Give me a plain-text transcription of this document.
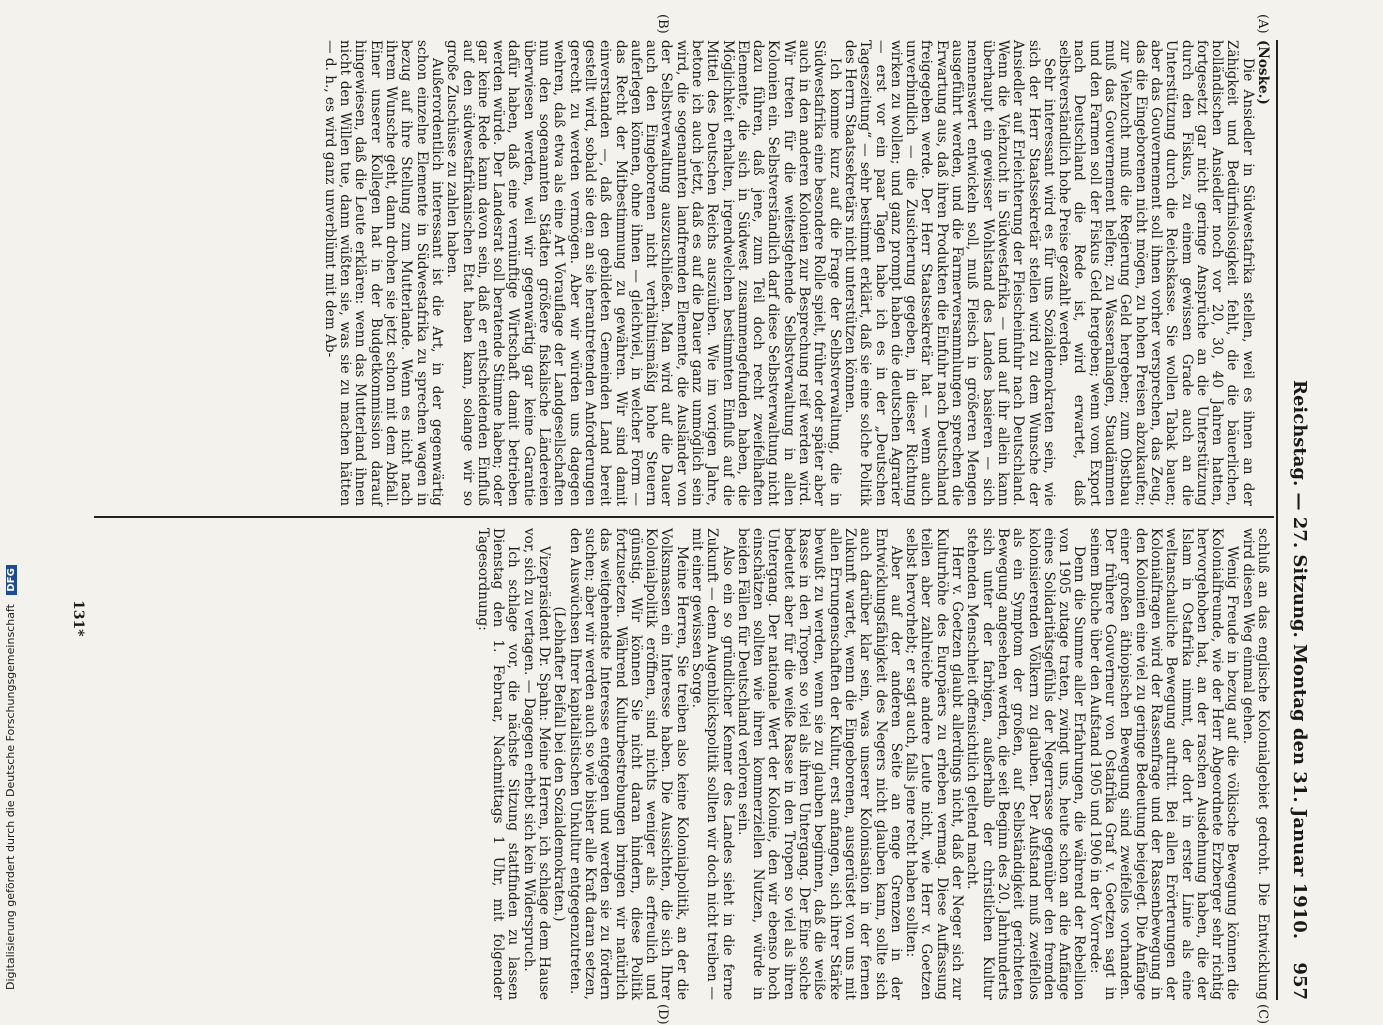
Reichstag. — 27. Sitzung. Montag den 31. Januar 1910.
957

(Noske.)

Die Ansiedler in Südwestafrika stellen, weil es ihnen an der Zähigkeit und Bedürfnislosigkeit fehlt, die die bäuerlichen, holländischen Ansiedler noch vor 20, 30, 40 Jahren hatten, fortgesetzt gar nicht geringe Ansprüche an die Unterstützung durch den Fiskus, zu einem gewissen Grade auch an die Unterstützung durch die Reichskasse. Sie wollen Tabak bauen; aber das Gouvernement soll ihnen vorher versprechen, das Zeug, das die Eingeborenen nicht mögen, zu hohen Preisen abzukaufen; zur Viehzucht muß die Regierung Geld hergeben; zum Obstbau muß das Gouvernement helfen; zu Wasseranlagen, Staudämmen und den Farmen soll der Fiskus Geld hergeben; wenn vom Export nach Deutschland die Rede ist, wird erwartet, daß selbstverständlich hohe Preise gezahlt werden.

Sehr interessant wird es für uns Sozialdemokraten sein, wie sich der Herr Staatssekretär stellen wird zu dem Wunsche der Ansiedler auf Erleichterung der Fleischeinfuhr nach Deutschland. Wenn die Viehzucht in Südwestafrika — und auf ihr allein kann überhaupt ein gewisser Wohlstand des Landes basieren — sich nennenswert entwickeln soll, muß Fleisch in größeren Mengen ausgeführt werden, und die Farmerversammlungen sprechen die Erwartung aus, daß ihren Produkten die Einfuhr nach Deutschland freigegeben werde. Der Herr Staatssekretär hat — wenn auch unverbindlich — die Zusicherung gegeben, in dieser Richtung wirken zu wollen; und ganz prompt haben die deutschen Agrarier — erst vor ein paar Tagen habe ich es in der „Deutschen Tageszeitung“ — sehr bestimmt erklärt, daß sie eine solche Politik des Herrn Staatssekretärs nicht unterstützen können.

Ich komme kurz auf die Frage der Selbstverwaltung, die in Südwestafrika eine besondere Rolle spielt, früher oder später aber auch in den anderen Kolonien zur Besprechung reif werden wird. Wir treten für die weitestgehende Selbstverwaltung in allen Kolonien ein. Selbstverständlich darf diese Selbstverwaltung nicht dazu führen, daß jene, zum Teil doch recht zweifelhaften Elemente, die sich in Südwest zusammengefunden haben, die Möglichkeit erhalten, irgendwelchen bestimmten Einfluß auf die Mittel des Deutschen Reichs auszuüben. Wie im vorigen Jahre, betone ich auch jetzt, daß es auf die Dauer ganz unmöglich sein wird, die sogenannten landfremden Elemente, die Ausländer von der Selbstverwaltung auszuschließen. Man wird auf die Dauer auch den Eingeborenen nicht verhältnismäßig hohe Steuern auferlegen können, ohne ihnen — gleichviel, in welcher Form — das Recht der Mitbestimmung zu gewähren. Wir sind damit einverstanden —, daß den gebildeten Gemeinden Land bereit gestellt wird, sobald sie den an sie herantretenden Anforderungen gerecht zu werden vermögen. Aber wir würden uns dagegen wehren, daß etwa als eine Art Vorauflage der Landgesellschaften nun den sogenannten Städten größere fiskalische Ländereien überwiesen werden, weil wir gegenwärtig gar keine Garantie dafür haben, daß eine vernünftige Wirtschaft damit betrieben werden würde. Der Landesrat soll beratende Stimme haben; oder gar keine Rede kann davon sein, daß er entscheidenden Einfluß auf den südwestafrikanischen Etat haben kann, solange wir so große Zuschüsse zu zahlen haben.

Außerordentlich interessant ist die Art, in der gegenwärtig schon einzelne Elemente in Südwestafrika zu sprechen wagen in bezug auf ihre Stellung zum Mutterlande. Wenn es nicht nach ihrem Wunsche geht, dann drohen sie jetzt schon mit dem Abfall. Einer unserer Kollegen hat in der Budgetkommission darauf hingewiesen, daß die Leute erklären: wenn das Mutterland ihnen nicht den Willen tue, dann wüßten sie, was sie zu machen hätten — d. h., es wird ganz unverblümt mit dem Ab-

schluß an das englische Kolonialgebiet gedroht. Die Entwicklung wird diesen Weg einmal gehen.

Wenig Freude in bezug auf die völkische Bewegung können die Kolonialfreunde, wie der Herr Abgeordnete Erzberger sehr richtig hervorgehoben hat, an der raschen Ausdehnung haben, die der Islam in Ostafrika nimmt, der dort in erster Linie als eine weltanschauliche Bewegung auftritt. Bei allen Erörterungen der Kolonialfragen wird der Rassenfrage und der Rassenbewegung in den Kolonien eine viel zu geringe Bedeutung beigelegt. Die Anfänge einer großen äthiopischen Bewegung sind zweifellos vorhanden. Der frühere Gouverneur von Ostafrika Graf v. Goetzen sagt in seinem Buche über den Aufstand 1905 und 1906 in der Vorrede:

Denn die Summe aller Erfahrungen, die während der Rebellion von 1905 zutage traten, zwingt uns, heute schon an die Anfänge eines Solidaritätsgefühls der Negerrasse gegenüber den fremden kolonisierenden Völkern zu glauben. Der Aufstand muß zweifellos als ein Symptom der großen, auf Selbständigkeit gerichteten Bewegung angesehen werden, die seit Beginn des 20. Jahrhunderts sich unter der farbigen, außerhalb der christlichen Kultur stehenden Menschheit offensichtlich geltend macht.

Herr v. Goetzen glaubt allerdings nicht, daß der Neger sich zur Kulturhöhe des Europäers zu erheben vermag. Diese Auffassung teilen aber zahlreiche andere Leute nicht, wie Herr v. Goetzen selbst hervorhebt; er sagt auch, falls jene recht haben sollten:

Aber auf der anderen Seite an enge Grenzen in der Entwicklungsfähigkeit des Negers nicht glauben kann, sollte sich auch darüber klar sein, was unserer Kolonisation in der fernen Zukunft wartet, wenn die Eingeborenen, ausgerüstet von uns mit allen Errungenschaften der Kultur, erst anfangen, sich ihrer Stärke bewußt zu werden, wenn sie zu glauben beginnen, daß die weiße Rasse in den Tropen so viel als ihren Untergang. Der Eine solche bedeutet aber für die weiße Rasse in den Tropen so viel als ihren Untergang. Der nationale Wert der Kolonie, den wir ebenso hoch einschätzen sollten wie ihren kommerziellen Nutzen, würde in beiden Fällen für Deutschland verloren sein.

Also ein so gründlicher Kenner des Landes sieht in die ferne Zukunft — denn Augenblickspolitik sollten wir doch nicht treiben — mit einer gewissen Sorge.

Meine Herren, Sie treiben also keine Kolonialpolitik, an der die Volksmassen ein Interesse haben. Die Aussichten, die sich Ihrer Kolonialpolitik eröffnen, sind nichts weniger als erfreulich und günstig. Wir können Sie nicht daran hindern, diese Politik fortzusetzen. Während Kulturbestrebungen bringen wir natürlich das weitgehendste Interesse entgegen und werden sie zu fördern suchen; aber wir werden auch so wie bisher alle Kraft daran setzen, den Auswüchsen Ihrer kapitalistischen Unkultur entgegenzutreten.

(Lebhafter Beifall bei den Sozialdemokraten.)

Vizepräsident Dr. Spahn: Meine Herren, ich schlage dem Hause vor, sich zu vertagen. — Dagegen erhebt sich kein Widerspruch.

Ich schlage vor, die nächste Sitzung stattfinden zu lassen Dienstag den 1. Februar, Nachmittags 1 Uhr, mit folgender Tagesordnung:

(A)
(B)
(C)
(D)
131*
Digitalisierung gefördert durch die Deutsche Forschungsgemeinschaft DFG
